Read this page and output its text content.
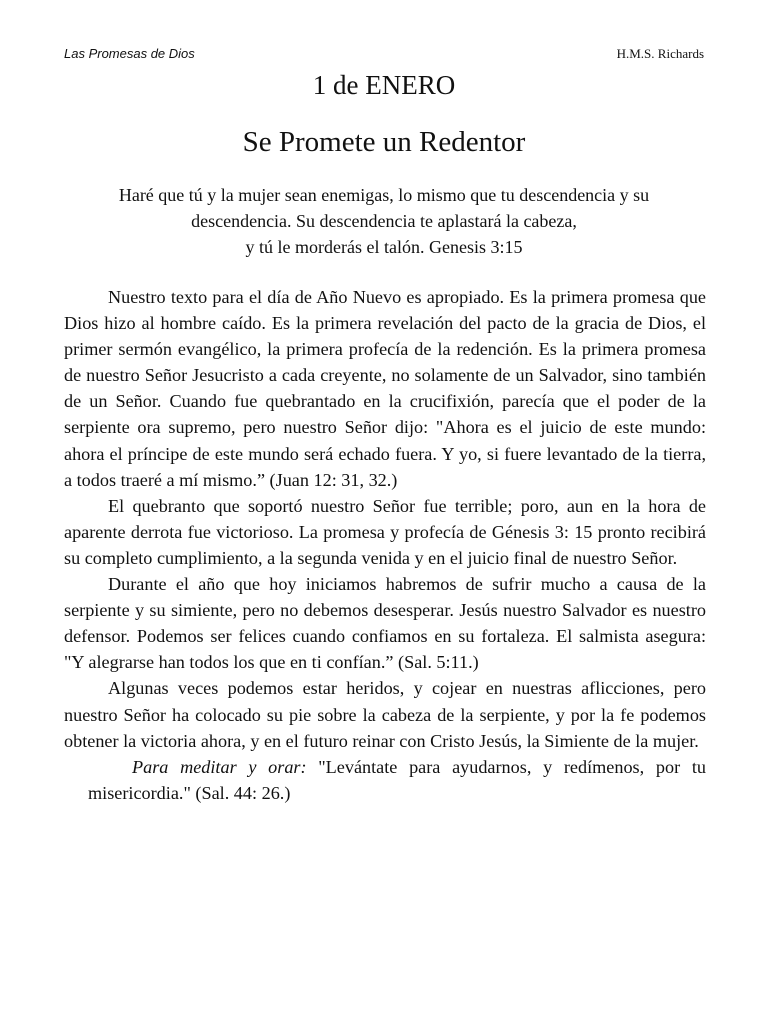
Las Promesas de Dios	H.M.S. Richards
1 de ENERO
Se Promete un Redentor
Haré que tú y la mujer sean enemigas, lo mismo que tu descendencia y su
descendencia. Su descendencia te aplastará la cabeza,
y tú le morderás el talón. Genesis 3:15

Nuestro texto para el día de Año Nuevo es apropiado. Es la primera promesa que Dios hizo al hombre caído. Es la primera revelación del pacto de la gracia de Dios, el primer sermón evangélico, la primera profecía de la redención. Es la primera promesa de nuestro Señor Jesucristo a cada creyente, no solamente de un Salvador, sino también de un Señor. Cuando fue quebrantado en la crucifixión, parecía que el poder de la serpiente ora supremo, pero nuestro Señor dijo: "Ahora es el juicio de este mundo: ahora el príncipe de este mundo será echado fuera. Y yo, si fuere levantado de la tierra, a todos traeré a mí mismo.” (Juan 12: 31, 32.)

El quebranto que soportó nuestro Señor fue terrible; poro, aun en la hora de aparente derrota fue victorioso. La promesa y profecía de Génesis 3: 15 pronto recibirá su completo cumplimiento, a la segunda venida y en el juicio final de nuestro Señor.

Durante el año que hoy iniciamos habremos de sufrir mucho a causa de la serpiente y su simiente, pero no debemos desesperar. Jesús nuestro Salvador es nuestro defensor. Podemos ser felices cuando confiamos en su fortaleza. El salmista asegura: "Y alegrarse han todos los que en ti confían.” (Sal. 5:11.)

Algunas veces podemos estar heridos, y cojear en nuestras aflicciones, pero nuestro Señor ha colocado su pie sobre la cabeza de la serpiente, y por la fe podemos obtener la victoria ahora, y en el futuro reinar con Cristo Jesús, la Simiente de la mujer.

Para meditar y orar: "Levántate para ayudarnos, y redímenos, por tu misericordia." (Sal. 44: 26.)
